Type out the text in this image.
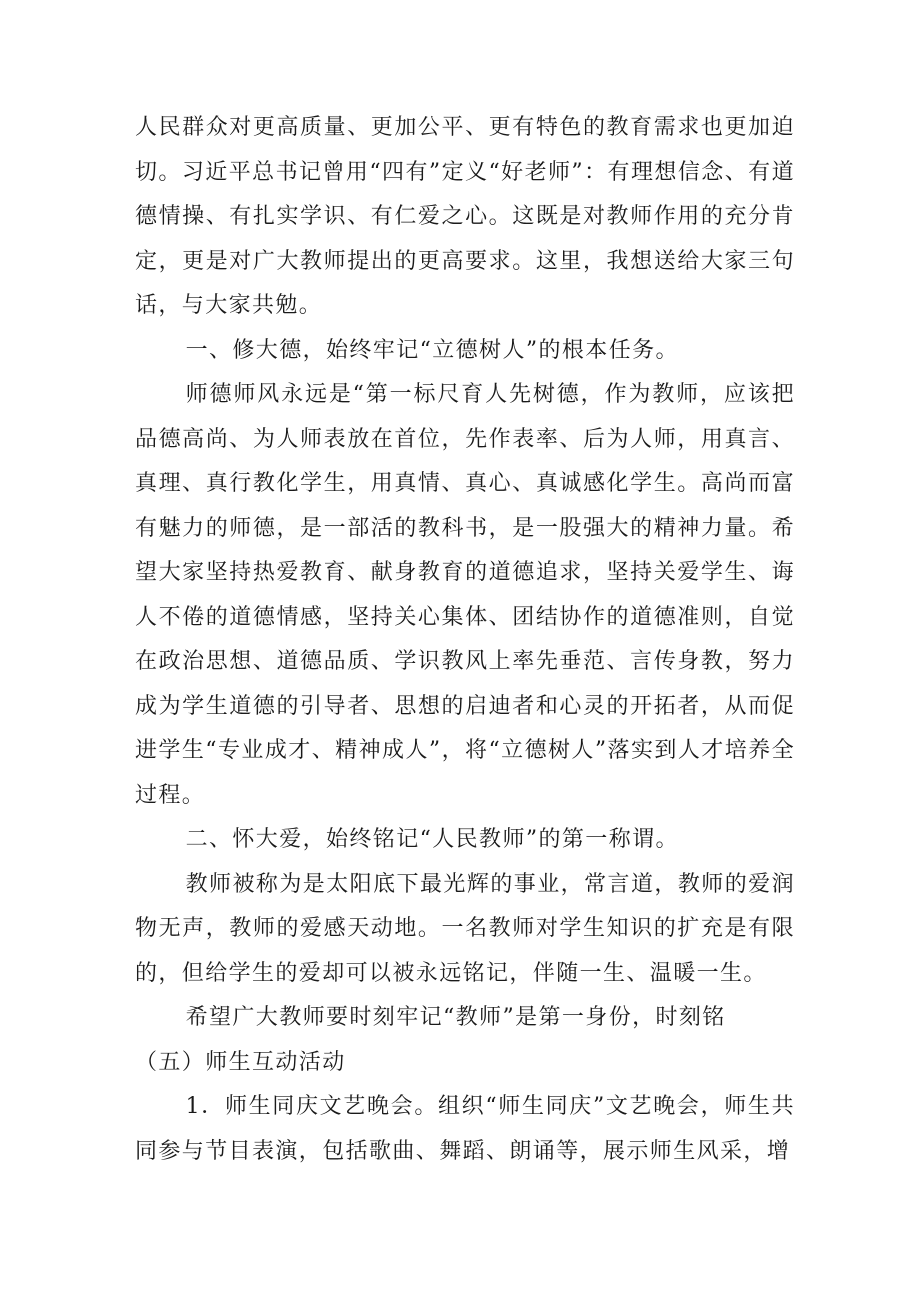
人民群众对更高质量、更加公平、更有特色的教育需求也更加迫切。习近平总书记曾用“四有”定义“好老师”：有理想信念、有道德情操、有扎实学识、有仁爱之心。这既是对教师作用的充分肯定，更是对广大教师提出的更高要求。这里，我想送给大家三句话，与大家共勉。

一、修大德，始终牢记“立德树人”的根本任务。

师德师风永远是“第一标尺育人先树德，作为教师，应该把品德高尚、为人师表放在首位，先作表率、后为人师，用真言、真理、真行教化学生，用真情、真心、真诚感化学生。高尚而富有魅力的师德，是一部活的教科书，是一股强大的精神力量。希望大家坚持热爱教育、献身教育的道德追求，坚持关爱学生、诲人不倦的道德情感，坚持关心集体、团结协作的道德准则，自觉在政治思想、道德品质、学识教风上率先垂范、言传身教，努力成为学生道德的引导者、思想的启迪者和心灵的开拓者，从而促进学生“专业成才、精神成人”，将“立德树人”落实到人才培养全过程。

二、怀大爱，始终铭记“人民教师”的第一称谓。

教师被称为是太阳底下最光辉的事业，常言道，教师的爱润物无声，教师的爱感天动地。一名教师对学生知识的扩充是有限的，但给学生的爱却可以被永远铭记，伴随一生、温暖一生。

希望广大教师要时刻牢记“教师”是第一身份，时刻铭

（五）师生互动活动

1．师生同庆文艺晚会。组织“师生同庆”文艺晚会，师生共同参与节目表演，包括歌曲、舞蹈、朗诵等，展示师生风采，增
